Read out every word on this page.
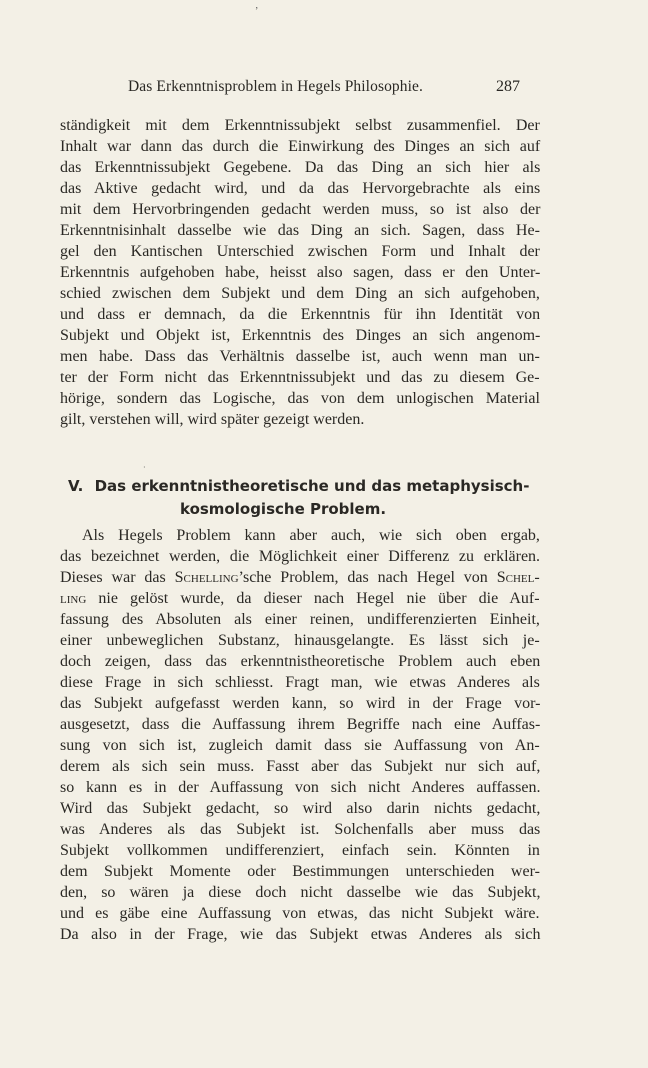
ʼ
Das Erkenntnisproblem in Hegels Philosophie.	287
ständigkeit mit dem Erkenntnissubjekt selbst zusammenfiel. Der
Inhalt war dann das durch die Einwirkung des Dinges an sich auf
das Erkenntnissubjekt Gegebene. Da das Ding an sich hier als
das Aktive gedacht wird, und da das Hervorgebrachte als eins
mit dem Hervorbringenden gedacht werden muss, so ist also der
Erkenntnisinhalt dasselbe wie das Ding an sich. Sagen, dass He-
gel den Kantischen Unterschied zwischen Form und Inhalt der
Erkenntnis aufgehoben habe, heisst also sagen, dass er den Unter-
schied zwischen dem Subjekt und dem Ding an sich aufgehoben,
und dass er demnach, da die Erkenntnis für ihn Identität von
Subjekt und Objekt ist, Erkenntnis des Dinges an sich angenom-
men habe. Dass das Verhältnis dasselbe ist, auch wenn man un-
ter der Form nicht das Erkenntnissubjekt und das zu diesem Ge-
hörige, sondern das Logische, das von dem unlogischen Material
gilt, verstehen will, wird später gezeigt werden.
·
V. Das erkenntnistheoretische und das metaphysisch-
kosmologische Problem.
Als Hegels Problem kann aber auch, wie sich oben ergab,
das bezeichnet werden, die Möglichkeit einer Differenz zu erklären.
Dieses war das Schelling’sche Problem, das nach Hegel von Schel-
ling nie gelöst wurde, da dieser nach Hegel nie über die Auf-
fassung des Absoluten als einer reinen, undifferenzierten Einheit,
einer unbeweglichen Substanz, hinausgelangte. Es lässt sich je-
doch zeigen, dass das erkenntnistheoretische Problem auch eben
diese Frage in sich schliesst. Fragt man, wie etwas Anderes als
das Subjekt aufgefasst werden kann, so wird in der Frage vor-
ausgesetzt, dass die Auffassung ihrem Begriffe nach eine Auffas-
sung von sich ist, zugleich damit dass sie Auffassung von An-
derem als sich sein muss. Fasst aber das Subjekt nur sich auf,
so kann es in der Auffassung von sich nicht Anderes auffassen.
Wird das Subjekt gedacht, so wird also darin nichts gedacht,
was Anderes als das Subjekt ist. Solchenfalls aber muss das
Subjekt vollkommen undifferenziert, einfach sein. Könnten in
dem Subjekt Momente oder Bestimmungen unterschieden wer-
den, so wären ja diese doch nicht dasselbe wie das Subjekt,
und es gäbe eine Auffassung von etwas, das nicht Subjekt wäre.
Da also in der Frage, wie das Subjekt etwas Anderes als sich
